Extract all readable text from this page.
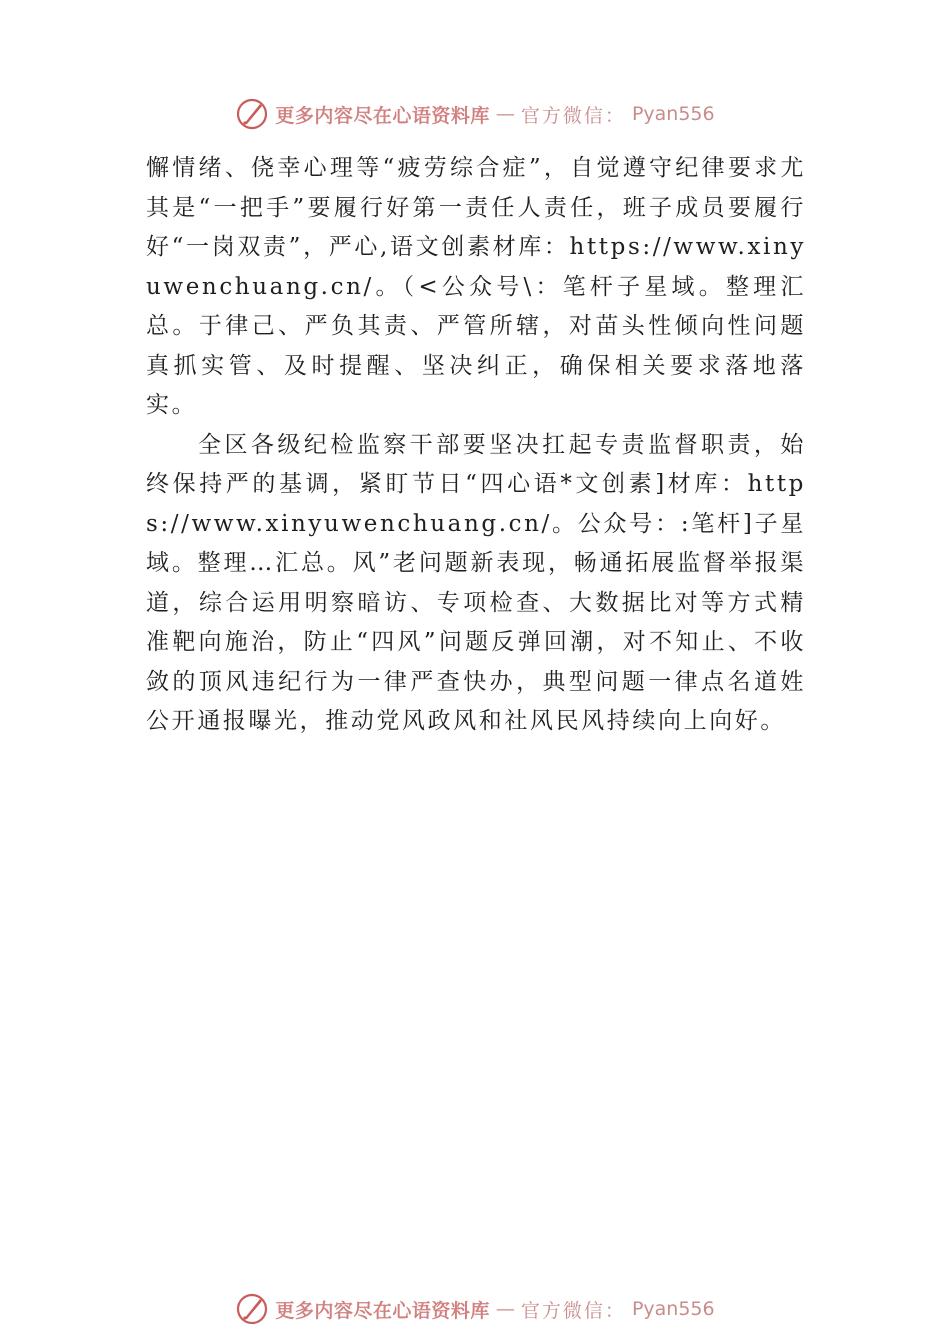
更多内容尽在心语资料库 — 官方微信： Pyan556

懈情绪、侥幸心理等“疲劳综合症”，自觉遵守纪律要求尤其是“一把手”要履行好第一责任人责任，班子成员要履行好“一岗双责”，严心,语文创素材库：https://www.xinyuwenchuang.cn/。（<公众号\：笔杆子星域。整理汇总。于律己、严负其责、严管所辖，对苗头性倾向性问题真抓实管、及时提醒、坚决纠正，确保相关要求落地落实。

全区各级纪检监察干部要坚决扛起专责监督职责，始终保持严的基调，紧盯节日“四心语*文创素]材库：https://www.xinyuwenchuang.cn/。公众号：:笔杆]子星域。整理…汇总。风”老问题新表现，畅通拓展监督举报渠道，综合运用明察暗访、专项检查、大数据比对等方式精准靶向施治，防止“四风”问题反弹回潮，对不知止、不收敛的顶风违纪行为一律严查快办，典型问题一律点名道姓公开通报曝光，推动党风政风和社风民风持续向上向好。

更多内容尽在心语资料库 — 官方微信： Pyan556
